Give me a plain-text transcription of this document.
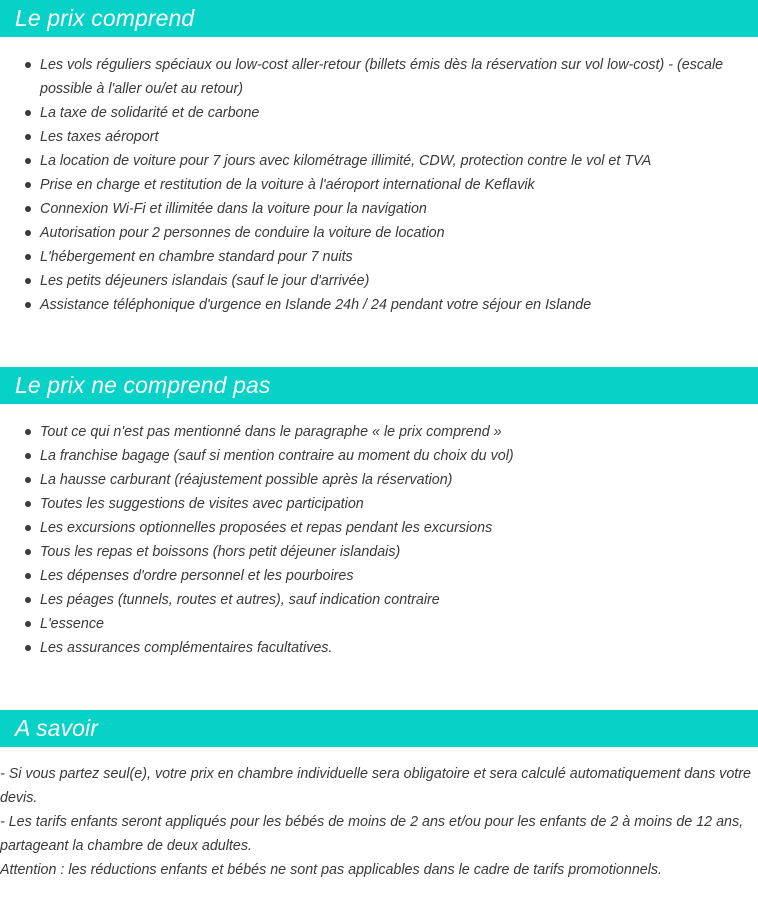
Le prix comprend
Les vols réguliers spéciaux ou low-cost aller-retour (billets émis dès la réservation sur vol low-cost) - (escale possible à l'aller ou/et au retour)
La taxe de solidarité et de carbone
Les taxes aéroport
La location de voiture pour 7 jours avec kilométrage illimité, CDW, protection contre le vol et TVA
Prise en charge et restitution de la voiture à l'aéroport international de Keflavik
Connexion Wi-Fi et illimitée dans la voiture pour la navigation
Autorisation pour 2 personnes de conduire la voiture de location
L'hébergement en chambre standard pour 7 nuits
Les petits déjeuners islandais (sauf le jour d'arrivée)
Assistance téléphonique d'urgence en Islande 24h / 24 pendant votre séjour en Islande
Le prix ne comprend pas
Tout ce qui n'est pas mentionné dans le paragraphe « le prix comprend »
La franchise bagage (sauf si mention contraire au moment du choix du vol)
La hausse carburant (réajustement possible après la réservation)
Toutes les suggestions de visites avec participation
Les excursions optionnelles proposées et repas pendant les excursions
Tous les repas et boissons (hors petit déjeuner islandais)
Les dépenses d'ordre personnel et les pourboires
Les péages (tunnels, routes et autres), sauf indication contraire
L'essence
Les assurances complémentaires facultatives.
A savoir

- Si vous partez seul(e), votre prix en chambre individuelle sera obligatoire et sera calculé automatiquement dans votre devis.

- Les tarifs enfants seront appliqués pour les bébés de moins de 2 ans et/ou pour les enfants de 2 à moins de 12 ans, partageant la chambre de deux adultes.

Attention : les réductions enfants et bébés ne sont pas applicables dans le cadre de tarifs promotionnels.
